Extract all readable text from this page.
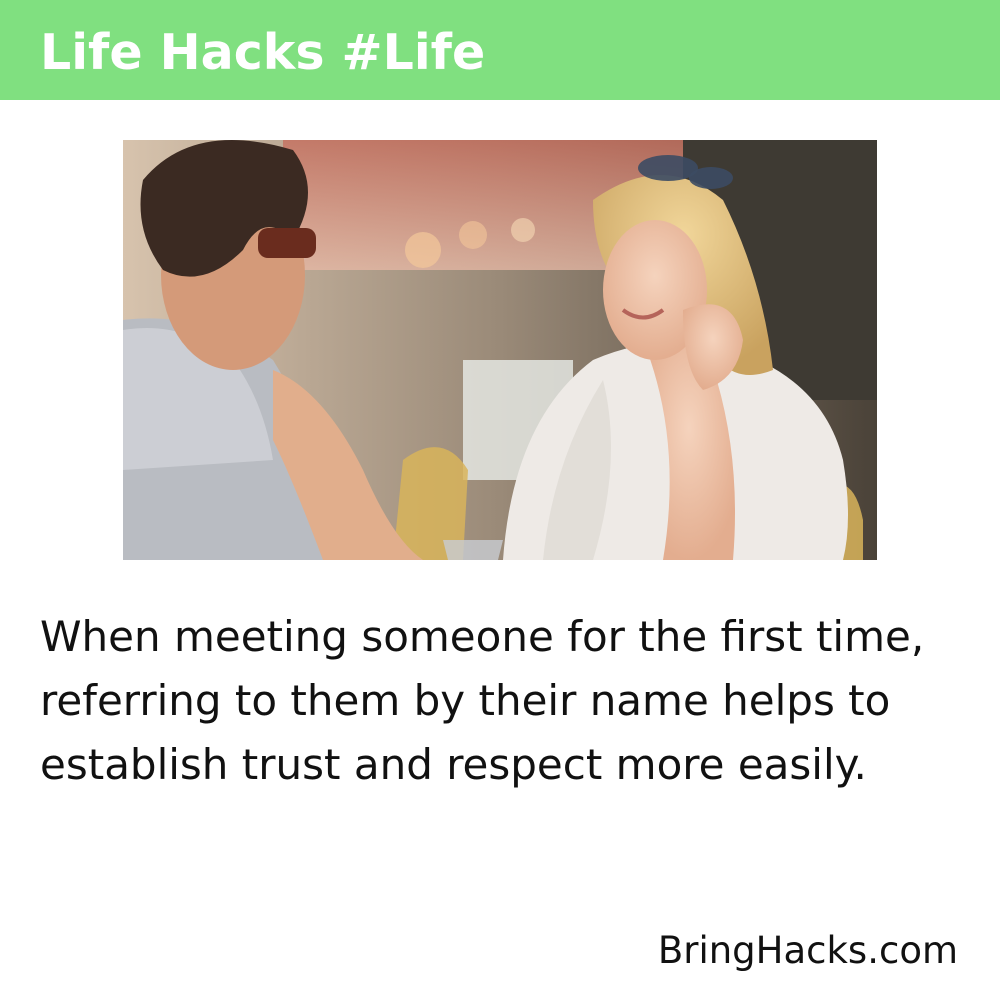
Life Hacks #Life

When meeting someone for the first time, referring to them by their name helps to establish trust and respect more easily.

BringHacks.com
